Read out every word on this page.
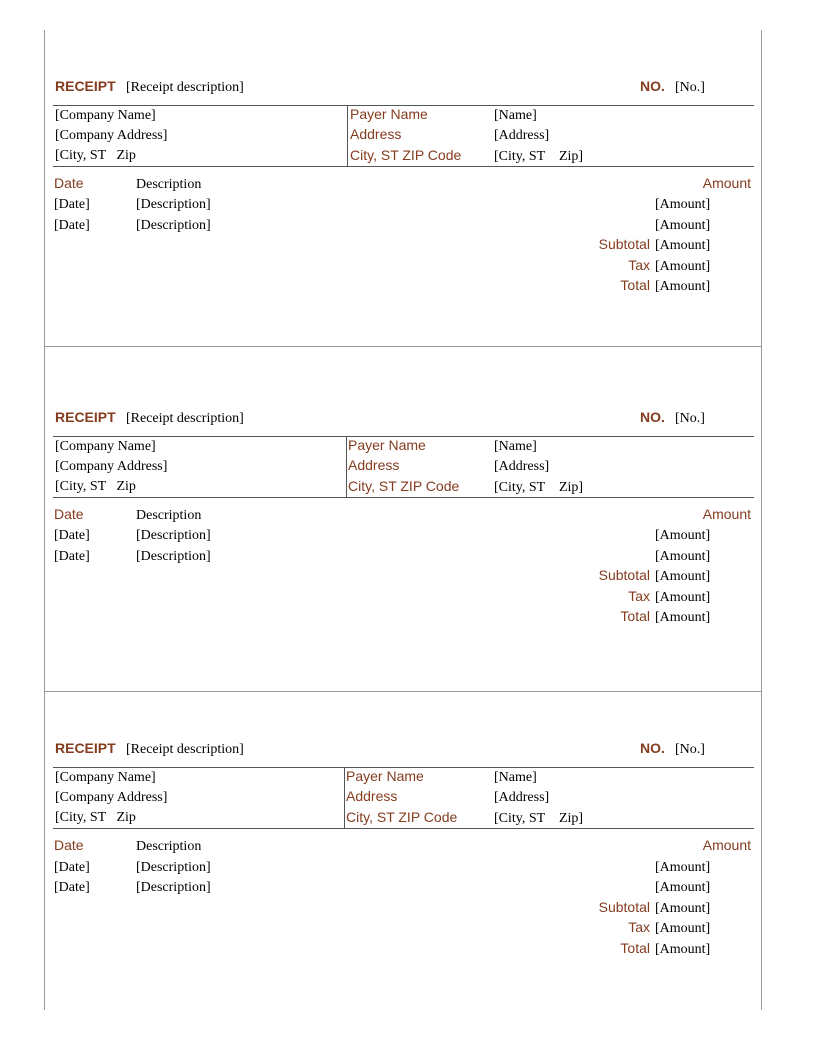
RECEIPT [Receipt description]	NO. [No.]
[Company Name]
[Company Address]
[City, ST   Zip
Payer Name	[Name]
Address	[Address]
City, ST ZIP Code [City, ST    Zip]
Date	Description	Amount
[Date]	[Description]	[Amount]
[Date]	[Description]	[Amount]
Subtotal [Amount]
Tax [Amount]
Total [Amount]
RECEIPT [Receipt description]	NO. [No.]
[Company Name]
[Company Address]
[City, ST   Zip
Payer Name	[Name]
Address	[Address]
City, ST ZIP Code [City, ST    Zip]
Date	Description	Amount
[Date]	[Description]	[Amount]
[Date]	[Description]	[Amount]
Subtotal [Amount]
Tax [Amount]
Total [Amount]
RECEIPT [Receipt description]	NO. [No.]
[Company Name]
[Company Address]
[City, ST   Zip
Payer Name	[Name]
Address	[Address]
City, ST ZIP Code	[City, ST    Zip]
Date	Description	Amount
[Date]	[Description]	[Amount]
[Date]	[Description]	[Amount]
Subtotal [Amount]
Tax [Amount]
Total [Amount]
